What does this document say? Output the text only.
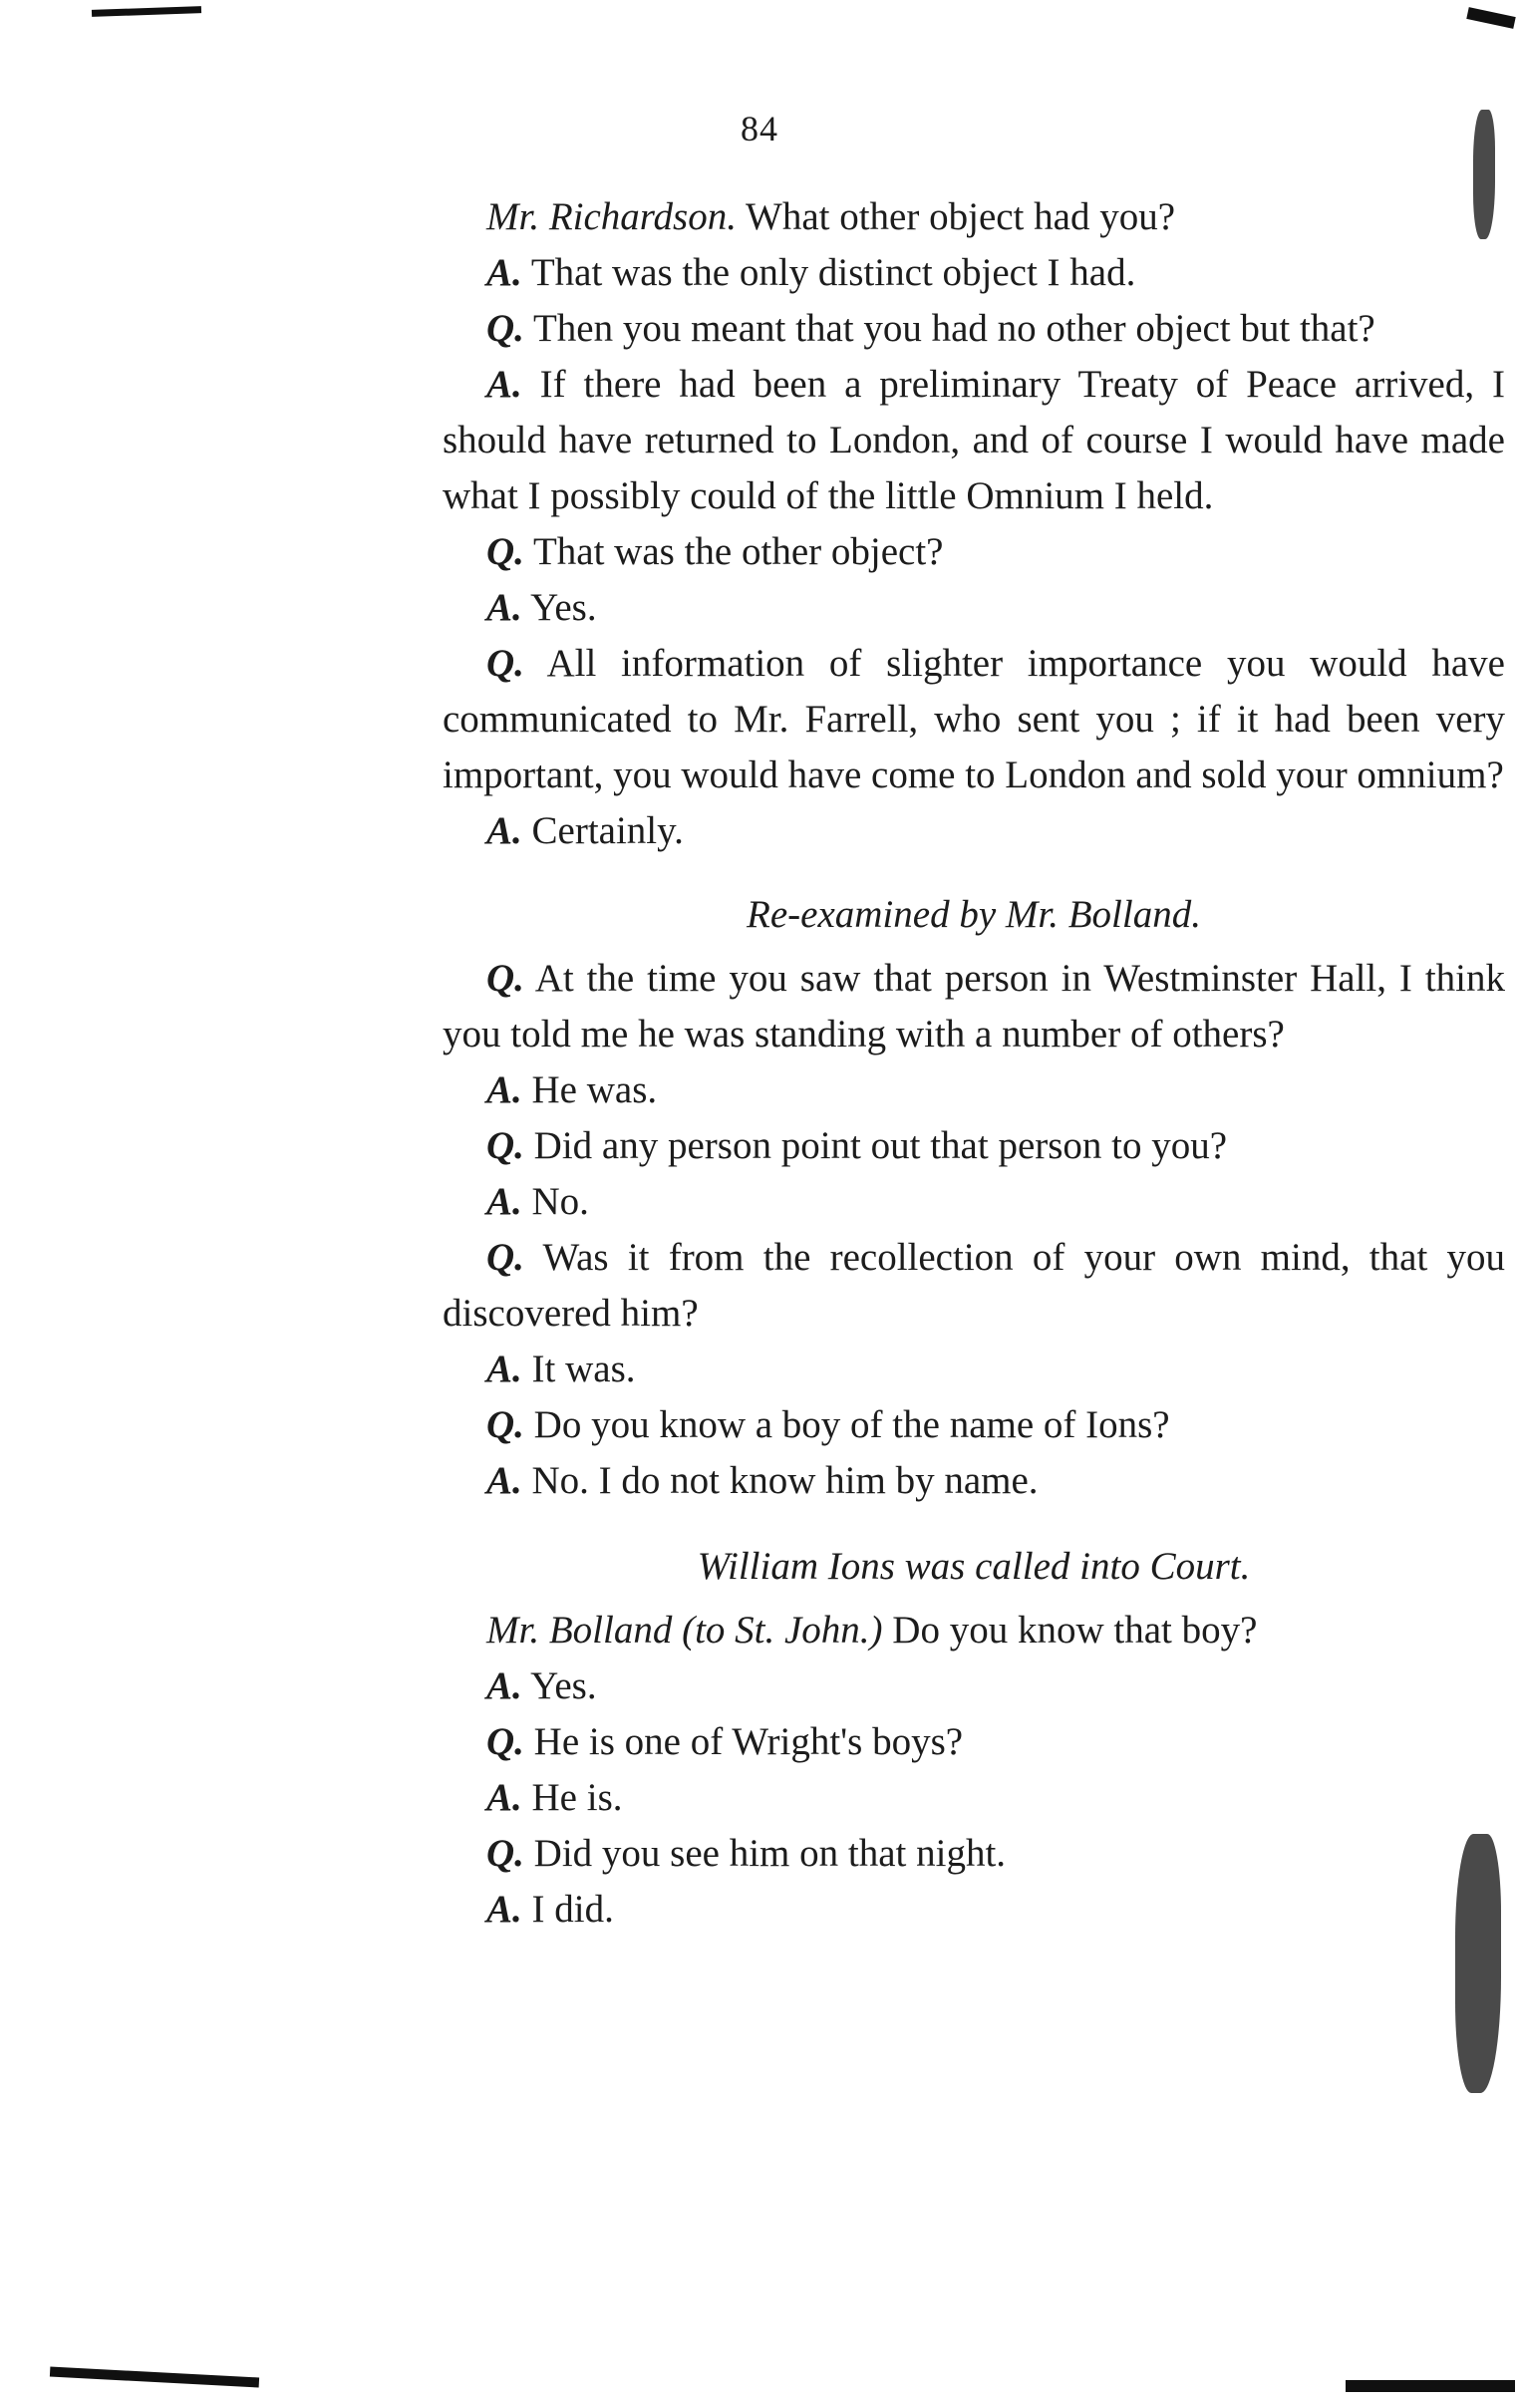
84

Mr. Richardson. What other object had you?

A. That was the only distinct object I had.

Q. Then you meant that you had no other object but that?

A. If there had been a preliminary Treaty of Peace arrived, I should have returned to London, and of course I would have made what I possibly could of the little Omnium I held.

Q. That was the other object?

A. Yes.

Q. All information of slighter importance you would have communicated to Mr. Farrell, who sent you ; if it had been very important, you would have come to London and sold your omnium?

A. Certainly.

Re-examined by Mr. Bolland.

Q. At the time you saw that person in Westminster Hall, I think you told me he was standing with a number of others?

A. He was.

Q. Did any person point out that person to you?

A. No.

Q. Was it from the recollection of your own mind, that you discovered him?

A. It was.

Q. Do you know a boy of the name of Ions?

A. No. I do not know him by name.

William Ions was called into Court.

Mr. Bolland (to St. John.) Do you know that boy?

A. Yes.

Q. He is one of Wright's boys?

A. He is.

Q. Did you see him on that night.

A. I did.
